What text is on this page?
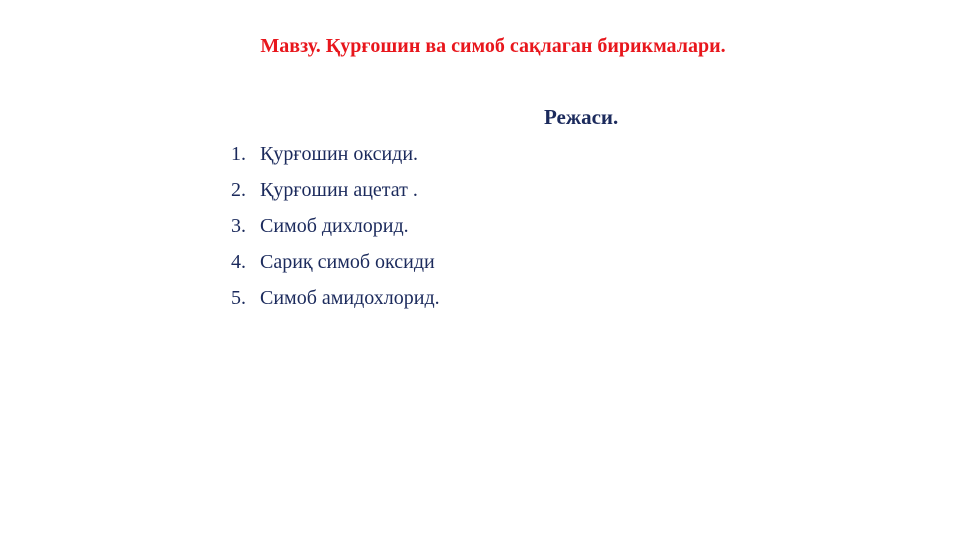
Мавзу. Қурғошин ва симоб сақлаган бирикмалари.
Режаси.
1. Қурғошин оксиди.
2. Қурғошин ацетат .
3. Симоб дихлорид.
4. Сариқ симоб оксиди
5. Симоб амидохлорид.
